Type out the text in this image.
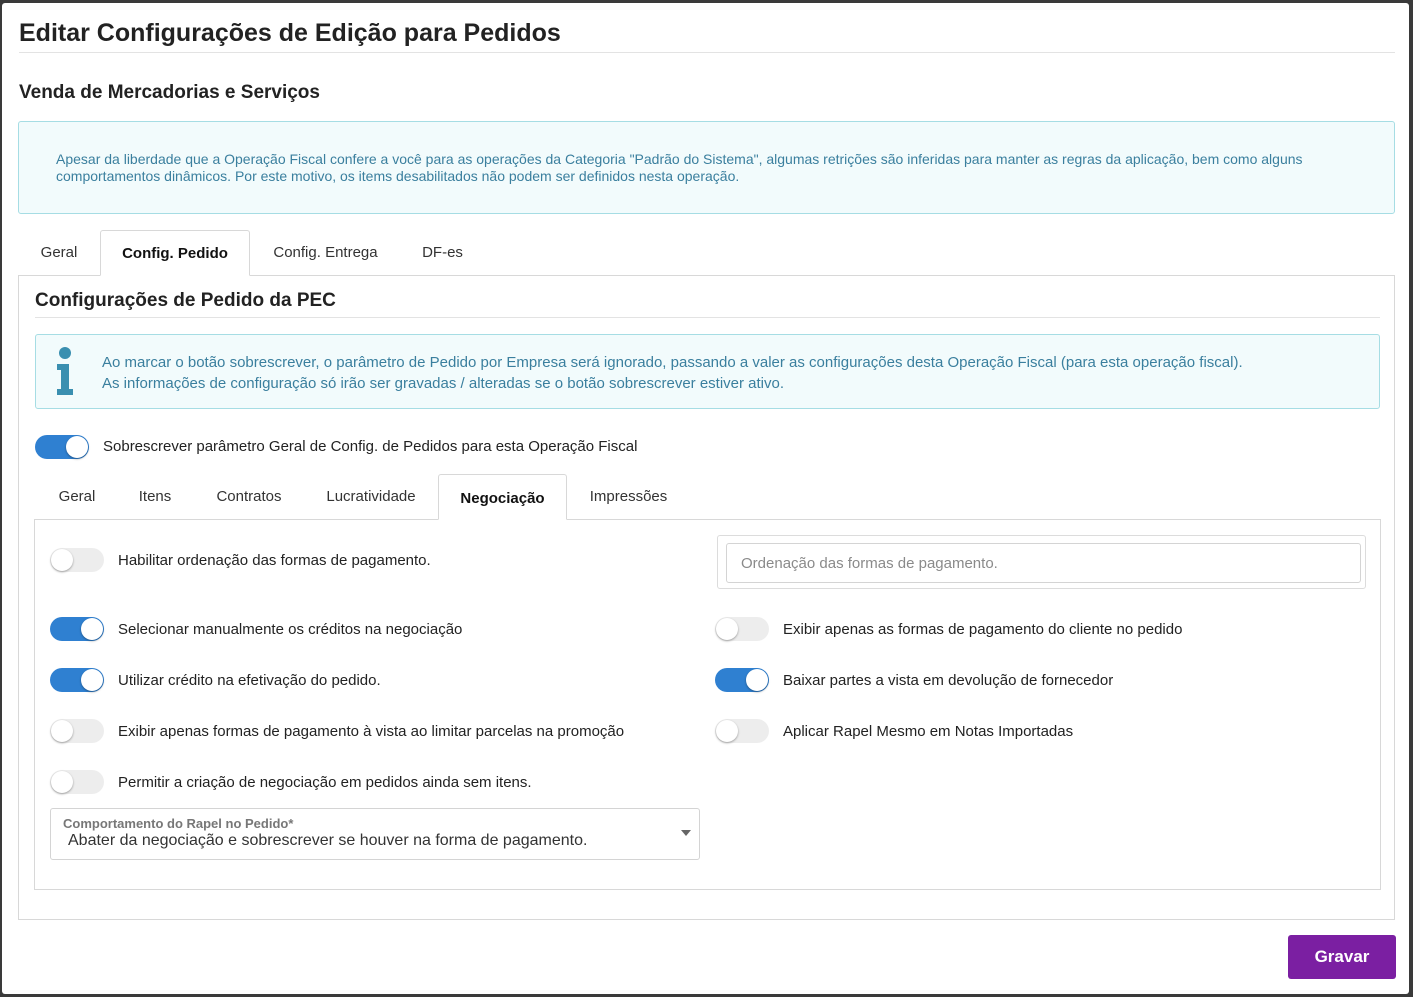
Editar Configurações de Edição para Pedidos
Venda de Mercadorias e Serviços
Apesar da liberdade que a Operação Fiscal confere a você para as operações da Categoria "Padrão do Sistema", algumas retrições são inferidas para manter as regras da aplicação, bem como alguns comportamentos dinâmicos. Por este motivo, os items desabilitados não podem ser definidos nesta operação.
Geral	Config. Pedido	Config. Entrega	DF-es
Configurações de Pedido da PEC
Ao marcar o botão sobrescrever, o parâmetro de Pedido por Empresa será ignorado, passando a valer as configurações desta Operação Fiscal (para esta operação fiscal).
As informações de configuração só irão ser gravadas / alteradas se o botão sobrescrever estiver ativo.
Sobrescrever parâmetro Geral de Config. de Pedidos para esta Operação Fiscal
Geral	Itens	Contratos	Lucratividade	Negociação	Impressões
Habilitar ordenação das formas de pagamento.
Selecionar manualmente os créditos na negociação
Utilizar crédito na efetivação do pedido.
Exibir apenas formas de pagamento à vista ao limitar parcelas na promoção
Permitir a criação de negociação em pedidos ainda sem itens.
Ordenação das formas de pagamento.
Exibir apenas as formas de pagamento do cliente no pedido
Baixar partes a vista em devolução de fornecedor
Aplicar Rapel Mesmo em Notas Importadas
Comportamento do Rapel no Pedido*
Abater da negociação e sobrescrever se houver na forma de pagamento.
Gravar
